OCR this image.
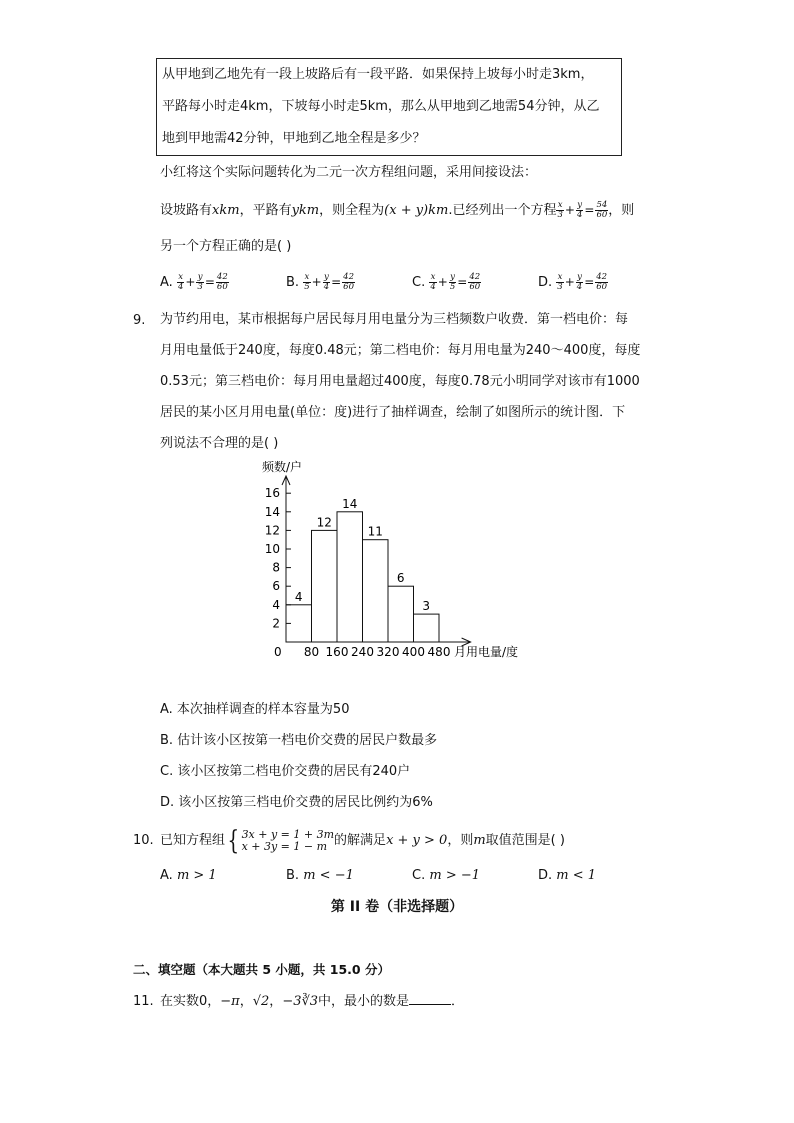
从甲地到乙地先有一段上坡路后有一段平路．如果保持上坡每小时走3km，
平路每小时走4km，下坡每小时走5km，那么从甲地到乙地需54分钟，从乙
地到甲地需42分钟，甲地到乙地全程是多少？
小红将这个实际问题转化为二元一次方程组问题，采用间接设法：
设坡路有xkm，平路有ykm，则全程为(x + y)km.已经列出一个方程 $\frac{x}{3} + \frac{y}{4} = \frac{54}{60}$ ，则
另一个方程正确的是( )
A. $\frac{x}{4} + \frac{y}{3} = \frac{42}{60}$	B. $\frac{x}{5} + \frac{y}{4} = \frac{42}{60}$	C. $\frac{x}{4} + \frac{y}{5} = \frac{42}{60}$	D. $\frac{x}{3} + \frac{y}{4} = \frac{42}{60}$
9. 为节约用电，某市根据每户居民每月用电量分为三档频数户收费．第一档电价：每
月用电量低于240度，每度0.48元；第二档电价：每月用电量为240～400度，每度
0.53元；第三档电价：每月用电量超过400度，每度0.78元小明同学对该市有1000
居民的某小区月用电量(单位：度)进行了抽样调查，绘制了如图所示的统计图．下
列说法不合理的是( )
频数/户
月用电量/度
0
2
4
6
8
10
12
14
16
80 160 240 320 400 480
4
12
14
11
6
3
A. 本次抽样调查的样本容量为50
B. 估计该小区按第一档电价交费的居民户数最多
C. 该小区按第二档电价交费的居民有240户
D. 该小区按第三档电价交费的居民比例约为6%
10. 已知方程组{ 3x + y = 1 + 3m
x + 3y = 1 − m 的解满足x + y > 0，则m取值范围是( )
A. m > 1	B. m < −1	C. m > −1	D. m < 1
第 II 卷（非选择题）
二、填空题（本大题共 5 小题，共 15.0 分）
11. 在实数0，−π，√2，−3∛3中，最小的数是	．
